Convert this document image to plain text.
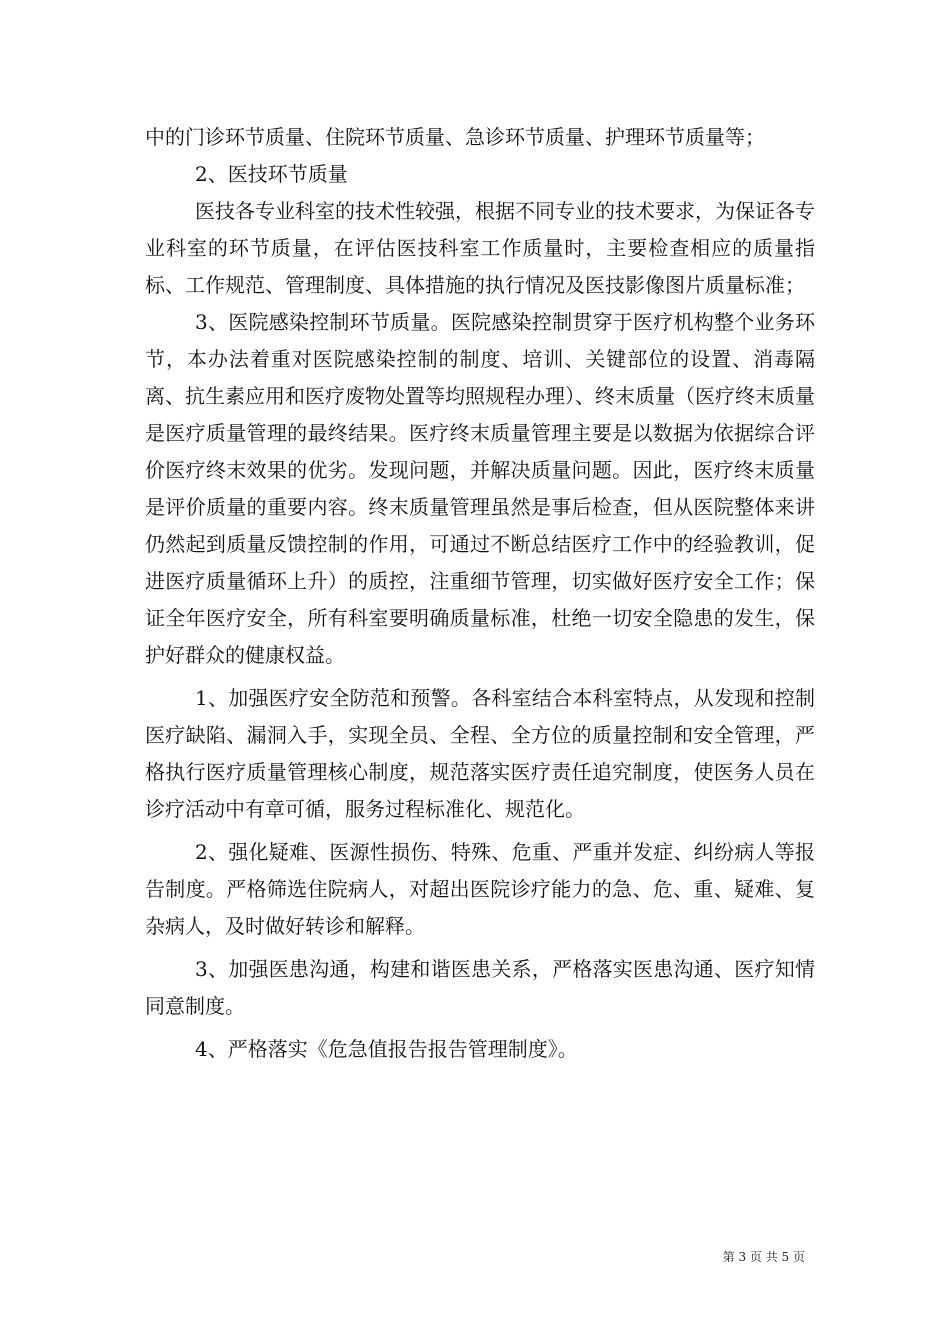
中的门诊环节质量、住院环节质量、急诊环节质量、护理环节质量等；

2、医技环节质量

医技各专业科室的技术性较强，根据不同专业的技术要求，为保证各专业科室的环节质量，在评估医技科室工作质量时，主要检查相应的质量指标、工作规范、管理制度、具体措施的执行情况及医技影像图片质量标准；

3、医院感染控制环节质量。医院感染控制贯穿于医疗机构整个业务环节，本办法着重对医院感染控制的制度、培训、关键部位的设置、消毒隔离、抗生素应用和医疗废物处置等均照规程办理）、终末质量（医疗终末质量是医疗质量管理的最终结果。医疗终末质量管理主要是以数据为依据综合评价医疗终末效果的优劣。发现问题，并解决质量问题。因此，医疗终末质量是评价质量的重要内容。终末质量管理虽然是事后检查，但从医院整体来讲仍然起到质量反馈控制的作用，可通过不断总结医疗工作中的经验教训，促进医疗质量循环上升）的质控，注重细节管理，切实做好医疗安全工作；保证全年医疗安全，所有科室要明确质量标准，杜绝一切安全隐患的发生，保护好群众的健康权益。

1、加强医疗安全防范和预警。各科室结合本科室特点，从发现和控制医疗缺陷、漏洞入手，实现全员、全程、全方位的质量控制和安全管理，严格执行医疗质量管理核心制度，规范落实医疗责任追究制度，使医务人员在诊疗活动中有章可循，服务过程标准化、规范化。

2、强化疑难、医源性损伤、特殊、危重、严重并发症、纠纷病人等报告制度。严格筛选住院病人，对超出医院诊疗能力的急、危、重、疑难、复杂病人，及时做好转诊和解释。

3、加强医患沟通，构建和谐医患关系，严格落实医患沟通、医疗知情同意制度。

4、严格落实《危急值报告报告管理制度》。

第 3 页 共 5 页
